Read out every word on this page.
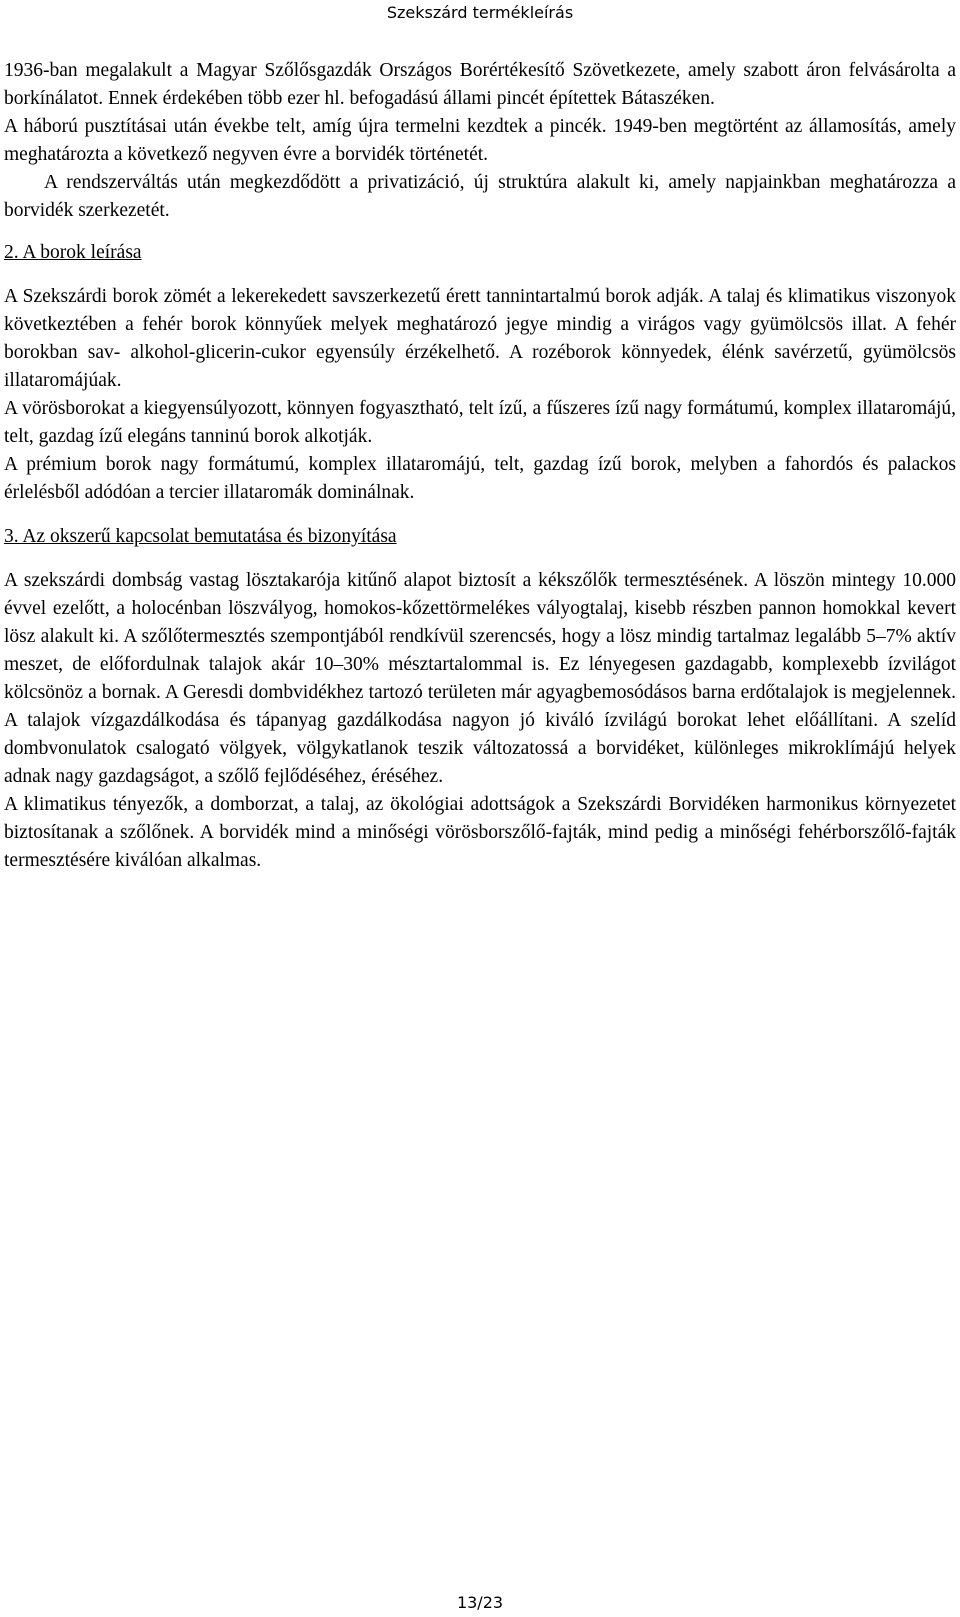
Szekszárd termékleírás

1936-ban megalakult a Magyar Szőlősgazdák Országos Borértékesítő Szövetkezete, amely szabott áron felvásárolta a borkínálatot. Ennek érdekében több ezer hl. befogadású állami pincét építettek Bátaszéken.

A háború pusztításai után évekbe telt, amíg újra termelni kezdtek a pincék. 1949-ben megtörtént az államosítás, amely meghatározta a következő negyven évre a borvidék történetét.

A rendszerváltás után megkezdődött a privatizáció, új struktúra alakult ki, amely napjainkban meghatározza a borvidék szerkezetét.

2. A borok leírása

A Szekszárdi borok zömét a lekerekedett savszerkezetű érett tannintartalmú borok adják. A talaj és klimatikus viszonyok következtében a fehér borok könnyűek melyek meghatározó jegye mindig a virágos vagy gyümölcsös illat. A fehér borokban sav- alkohol-glicerin-cukor egyensúly érzékelhető. A rozéborok könnyedek, élénk savérzetű, gyümölcsös illataromájúak.

A vörösborokat a kiegyensúlyozott, könnyen fogyasztható, telt ízű, a fűszeres ízű nagy formátumú, komplex illataromájú, telt, gazdag ízű elegáns tanninú borok alkotják.

A prémium borok nagy formátumú, komplex illataromájú, telt, gazdag ízű borok, melyben a fahordós és palackos érlelésből adódóan a tercier illataromák dominálnak.

3. Az okszerű kapcsolat bemutatása és bizonyítása

A szekszárdi dombság vastag lösztakarója kitűnő alapot biztosít a kékszőlők termesztésének. A löszön mintegy 10.000 évvel ezelőtt, a holocénban löszvályog, homokos-kőzettörmelékes vályogtalaj, kisebb részben pannon homokkal kevert lösz alakult ki. A szőlőtermesztés szempontjából rendkívül szerencsés, hogy a lösz mindig tartalmaz legalább 5–7% aktív meszet, de előfordulnak talajok akár 10–30% mésztartalommal is. Ez lényegesen gazdagabb, komplexebb ízvilágot kölcsönöz a bornak. A Geresdi dombvidékhez tartozó területen már agyagbemosódásos barna erdőtalajok is megjelennek. A talajok vízgazdálkodása és tápanyag gazdálkodása nagyon jó kiváló ízvilágú borokat lehet előállítani. A szelíd dombvonulatok csalogató völgyek, völgykatlanok teszik változatossá a borvidéket, különleges mikroklímájú helyek adnak nagy gazdagságot, a szőlő fejlődéséhez, éréséhez.

A klimatikus tényezők, a domborzat, a talaj, az ökológiai adottságok a Szekszárdi Borvidéken harmonikus környezetet biztosítanak a szőlőnek. A borvidék mind a minőségi vörösborszőlő-fajták, mind pedig a minőségi fehérborszőlő-fajták termesztésére kiválóan alkalmas.

13/23
